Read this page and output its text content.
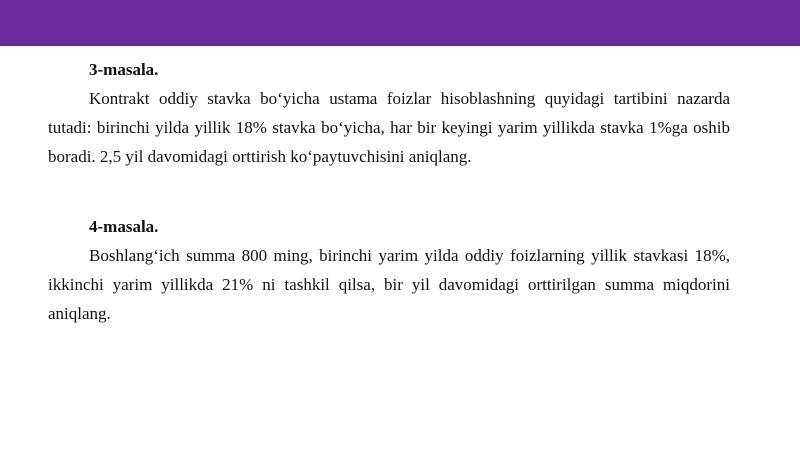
3-masala.

Kontrakt oddiy stavka bo‘yicha ustama foizlar hisoblashning quyidagi tartibini nazarda tutadi: birinchi yilda yillik 18% stavka bo‘yicha, har bir keyingi yarim yillikda stavka 1%ga oshib boradi. 2,5 yil davomidagi orttirish ko‘paytuvchisini aniqlang.

4-masala.

Boshlang‘ich summa 800 ming, birinchi yarim yilda oddiy foizlarning yillik stavkasi 18%, ikkinchi yarim yillikda 21% ni tashkil qilsa, bir yil davomidagi orttirilgan summa miqdorini aniqlang.
